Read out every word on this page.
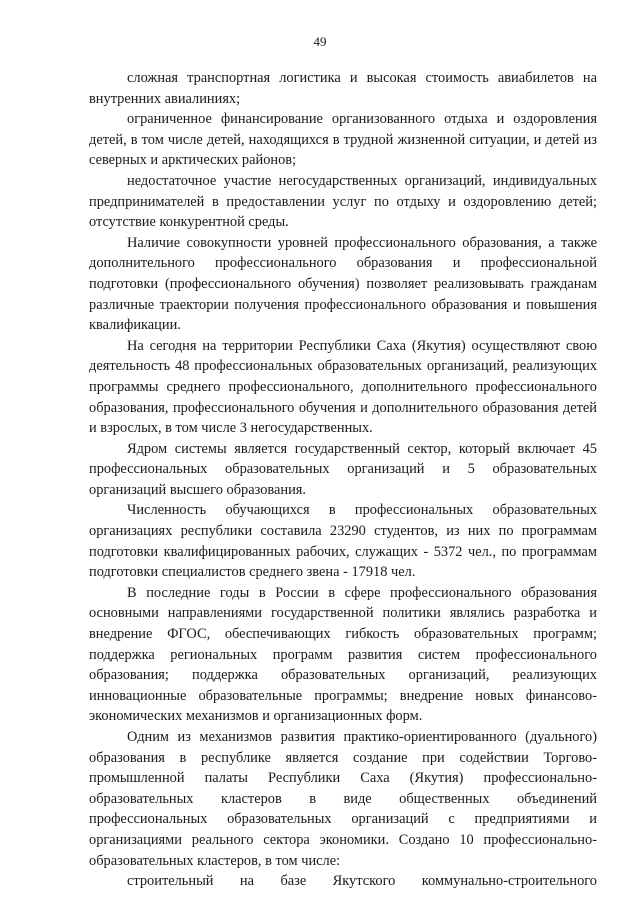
49

сложная транспортная логистика и высокая стоимость авиабилетов на внутренних авиалиниях;

ограниченное финансирование организованного отдыха и оздоровления детей, в том числе детей, находящихся в трудной жизненной ситуации, и детей из северных и арктических районов;

недостаточное участие негосударственных организаций, индивидуальных предпринимателей в предоставлении услуг по отдыху и оздоровлению детей; отсутствие конкурентной среды.

Наличие совокупности уровней профессионального образования, а также дополнительного профессионального образования и профессиональной подготовки (профессионального обучения) позволяет реализовывать гражданам различные траектории получения профессионального образования и повышения квалификации.

На сегодня на территории Республики Саха (Якутия) осуществляют свою деятельность 48 профессиональных образовательных организаций, реализующих программы среднего профессионального, дополнительного профессионального образования, профессионального обучения и дополнительного образования детей и взрослых, в том числе 3 негосударственных.

Ядром системы является государственный сектор, который включает 45 профессиональных образовательных организаций и 5 образовательных организаций высшего образования.

Численность обучающихся в профессиональных образовательных организациях республики составила 23290 студентов, из них по программам подготовки квалифицированных рабочих, служащих - 5372 чел., по программам подготовки специалистов среднего звена - 17918 чел.

В последние годы в России в сфере профессионального образования основными направлениями государственной политики являлись разработка и внедрение ФГОС, обеспечивающих гибкость образовательных программ; поддержка региональных программ развития систем профессионального образования; поддержка образовательных организаций, реализующих инновационные образовательные программы; внедрение новых финансово-экономических механизмов и организационных форм.

Одним из механизмов развития практико-ориентированного (дуального) образования в республике является создание при содействии Торгово-промышленной палаты Республики Саха (Якутия) профессионально-образовательных кластеров в виде общественных объединений профессиональных образовательных организаций с предприятиями и организациями реального сектора экономики. Создано 10 профессионально-образовательных кластеров, в том числе:

строительный на базе Якутского коммунально-строительного
